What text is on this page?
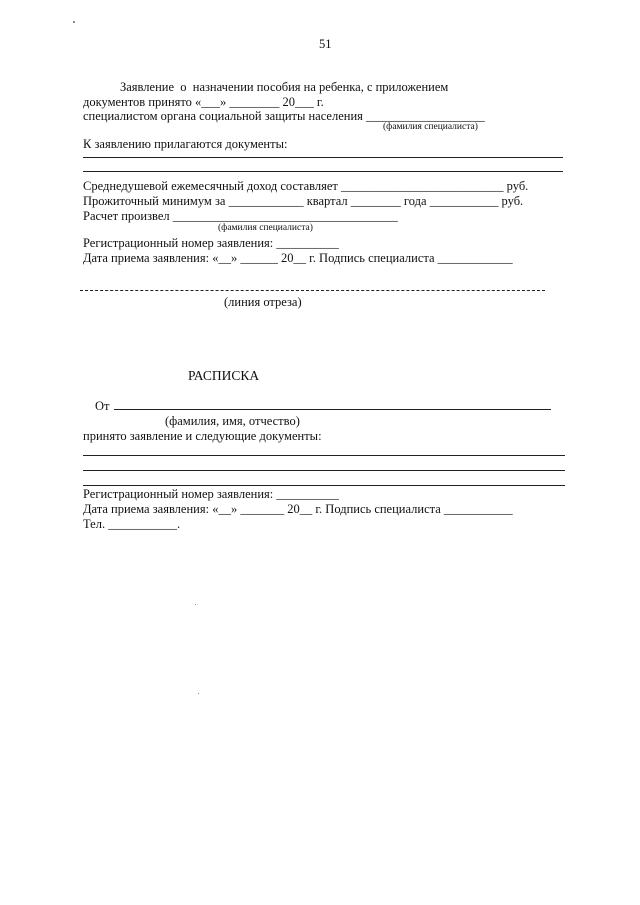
51
Заявление  о  назначении пособия на ребенка, с приложением
документов принято «___» ________ 20___ г.
специалистом органа социальной защиты населения ___________________
(фамилия специалиста)
К заявлению прилагаются документы:
Среднедушевой ежемесячный доход составляет __________________________ руб.
Прожиточный минимум за ____________ квартал ________ года ___________ руб.
Расчет произвел ____________________________________
(фамилия специалиста)
Регистрационный номер заявления: __________
Дата приема заявления: «__» ______ 20__ г. Подпись специалиста ____________
(линия отреза)
РАСПИСКА
От
(фамилия, имя, отчество)
принято заявление и следующие документы:
Регистрационный номер заявления: __________
Дата приема заявления: «__» _______ 20__ г. Подпись специалиста ___________
Тел. ___________.
